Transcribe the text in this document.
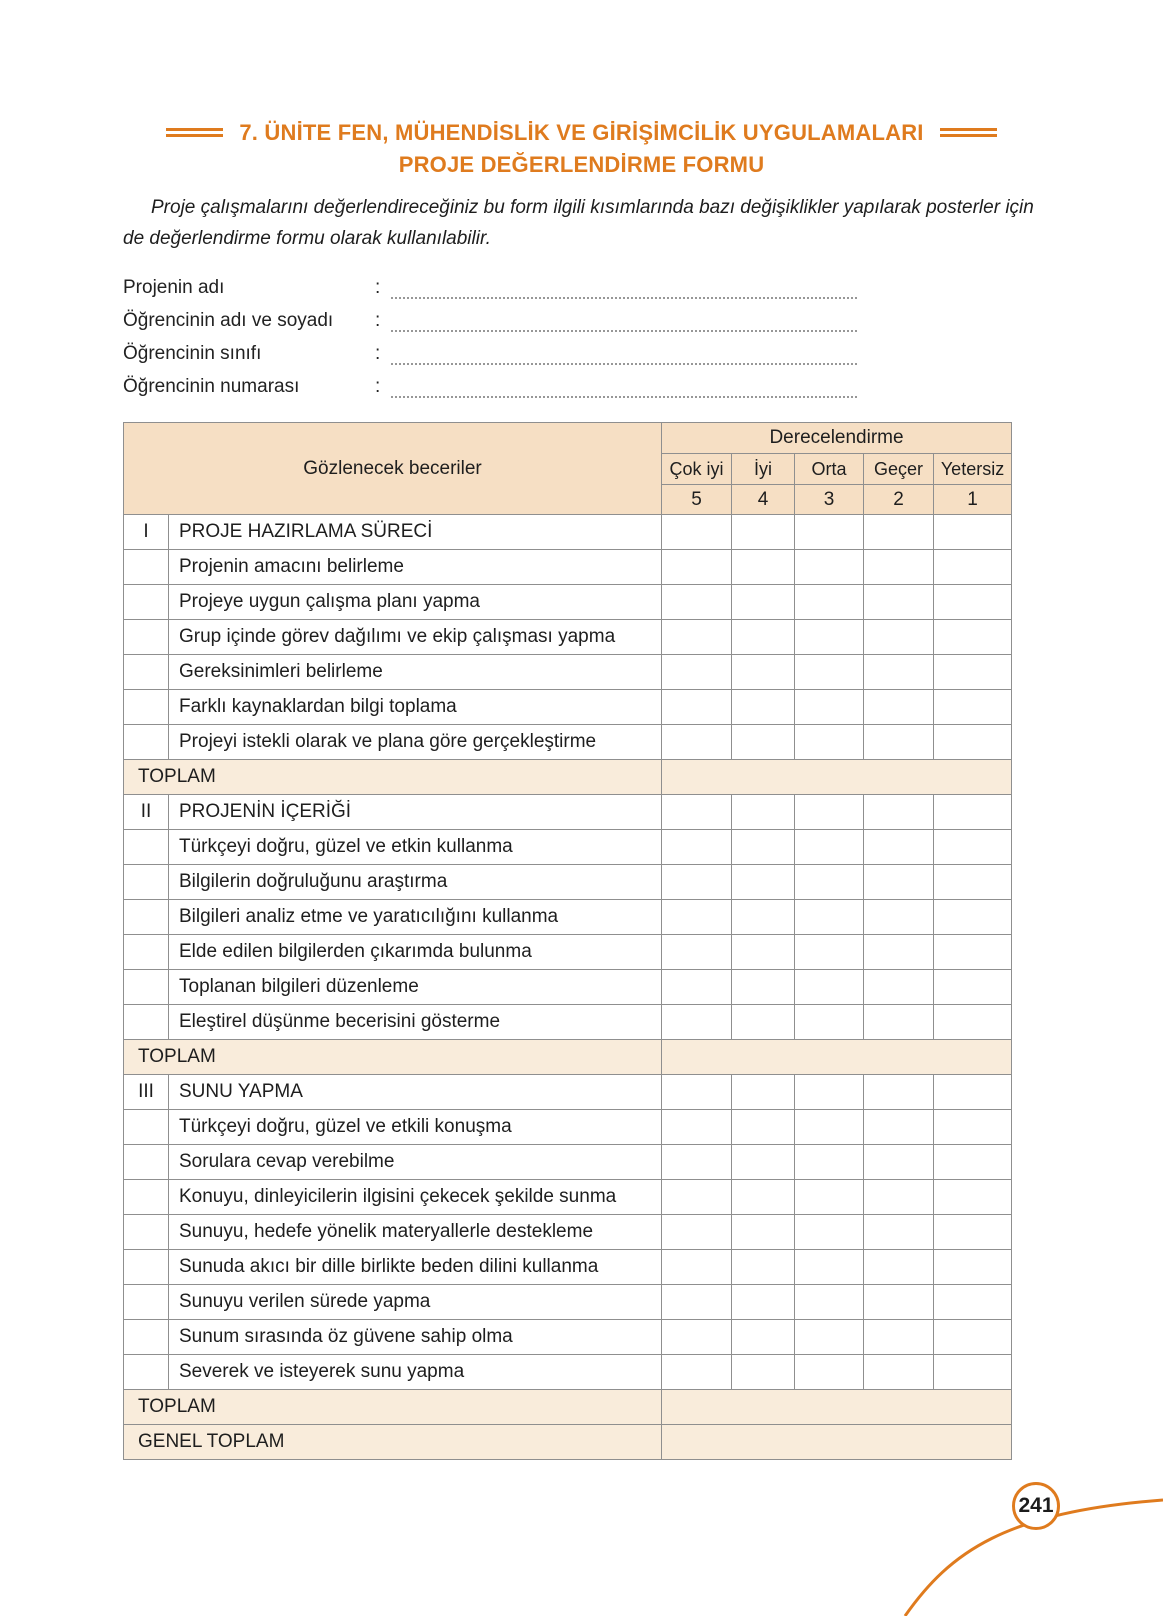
7. ÜNİTE FEN, MÜHENDİSLİK VE GİRİŞİMCİLİK UYGULAMALARI
PROJE DEĞERLENDİRME FORMU

Proje çalışmalarını değerlendireceğiniz bu form ilgili kısımlarında bazı değişiklikler yapılarak posterler için de değerlendirme formu olarak kullanılabilir.

Projenin adı	:
Öğrencinin adı ve soyadı	:
Öğrencinin sınıfı	:
Öğrencinin numarası	:
Gözlenecek beceriler		Derecelendirme				
		Çok iyi	İyi	Orta	Geçer	Yetersiz
		5	4	3	2	1
I	PROJE HAZIRLAMA SÜRECİ					
	Projenin amacını belirleme					
	Projeye uygun çalışma planı yapma					
	Grup içinde görev dağılımı ve ekip çalışması yapma					
	Gereksinimleri belirleme					
	Farklı kaynaklardan bilgi toplama					
	Projeyi istekli olarak ve plana göre gerçekleştirme					
TOPLAM						
II	PROJENİN İÇERİĞİ					
	Türkçeyi doğru, güzel ve etkin kullanma					
	Bilgilerin doğruluğunu araştırma					
	Bilgileri analiz etme ve yaratıcılığını kullanma					
	Elde edilen bilgilerden çıkarımda bulunma					
	Toplanan bilgileri düzenleme					
	Eleştirel düşünme becerisini gösterme					
TOPLAM						
III	SUNU YAPMA					
	Türkçeyi doğru, güzel ve etkili konuşma					
	Sorulara cevap verebilme					
	Konuyu, dinleyicilerin ilgisini çekecek şekilde sunma					
	Sunuyu, hedefe yönelik materyallerle destekleme					
	Sunuda akıcı bir dille birlikte beden dilini kullanma					
	Sunuyu verilen sürede yapma					
	Sunum sırasında öz güvene sahip olma					
	Severek ve isteyerek sunu yapma					
TOPLAM						
GENEL TOPLAM						
241
